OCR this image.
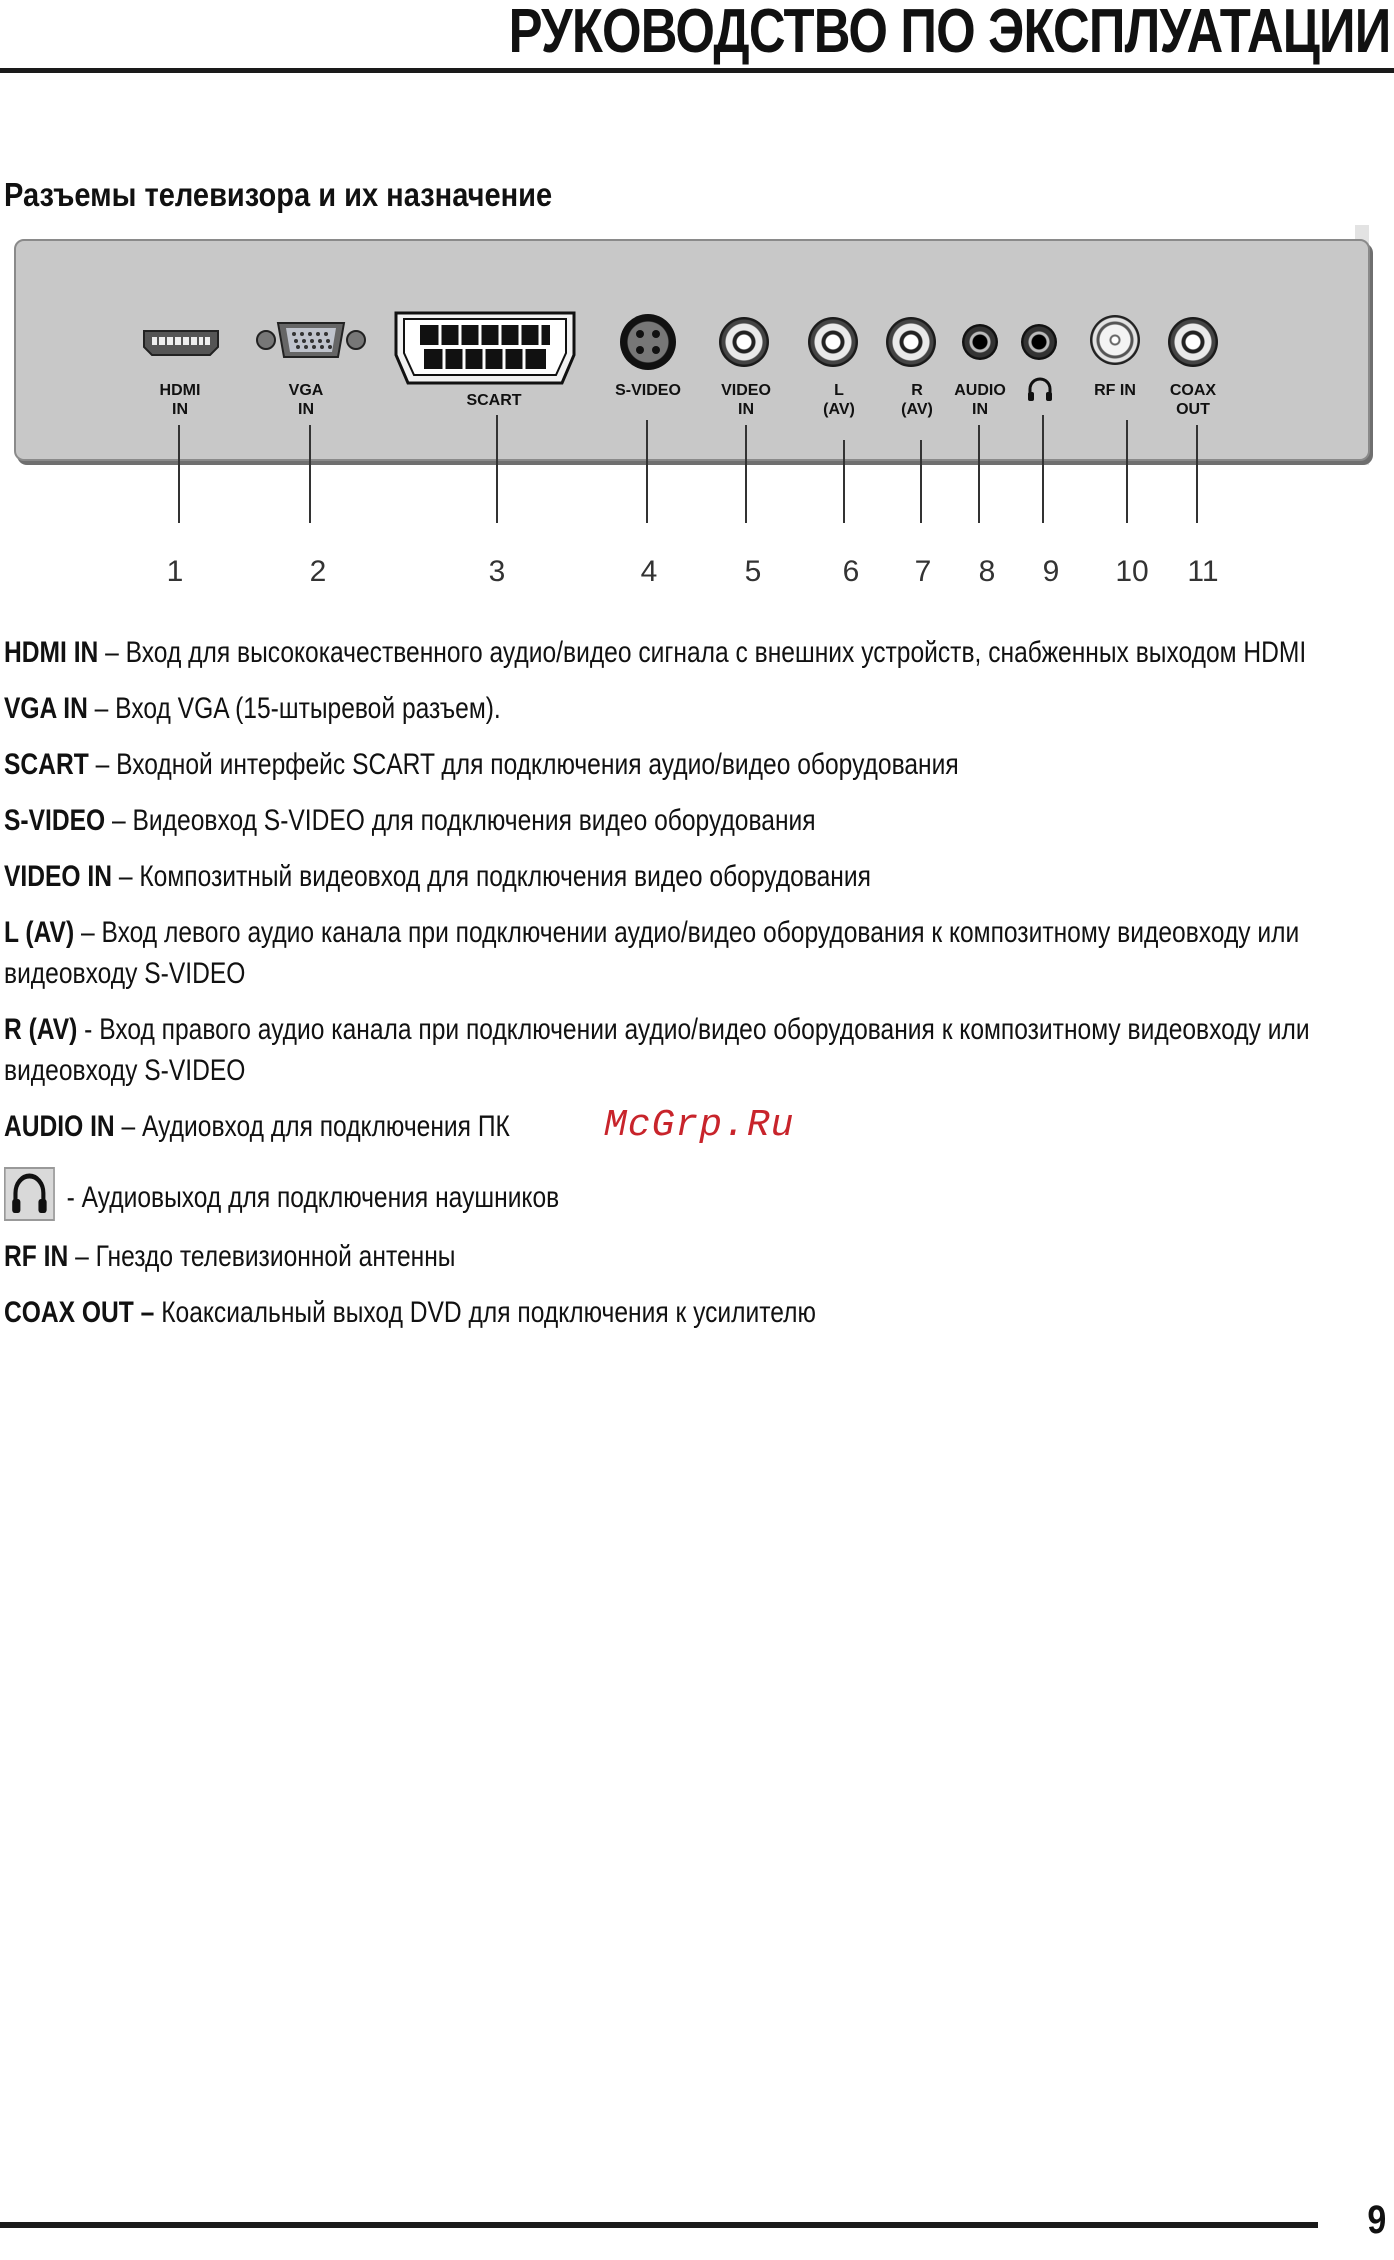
РУКОВОДСТВО ПО ЭКСПЛУАТАЦИИ
Разъемы телевизора и их назначение
HDMI
IN
VGA
IN
SCART
S-VIDEO	VIDEO
IN
L
(AV)
R
(AV)
AUDIO
IN
RF IN	COAX
OUT
1	2	3	4	5	6	7	8	9	10	11
HDMI IN – Вход для высококачественного аудио/видео сигнала с внешних устройств, снабженных выходом HDMI
VGA IN – Вход VGA (15-штыревой разъем).
SCART – Входной интерфейс SCART для подключения аудио/видео оборудования
S-VIDEO – Видеовход S-VIDEO для подключения видео оборудования
VIDEO IN – Композитный видеовход для подключения видео оборудования
L (AV) – Вход левого аудио канала при подключении аудио/видео оборудования к композитному видеовходу или видеовходу S-VIDEO
R (AV) - Вход правого аудио канала при подключении аудио/видео оборудования к композитному видеовходу или видеовходу S-VIDEO
AUDIO IN – Аудиовход для подключения ПК
- Аудиовыход для подключения наушников
RF IN – Гнездо телевизионной антенны
COAX OUT – Коаксиальный выход DVD для подключения к усилителю
McGrp.Ru
9
